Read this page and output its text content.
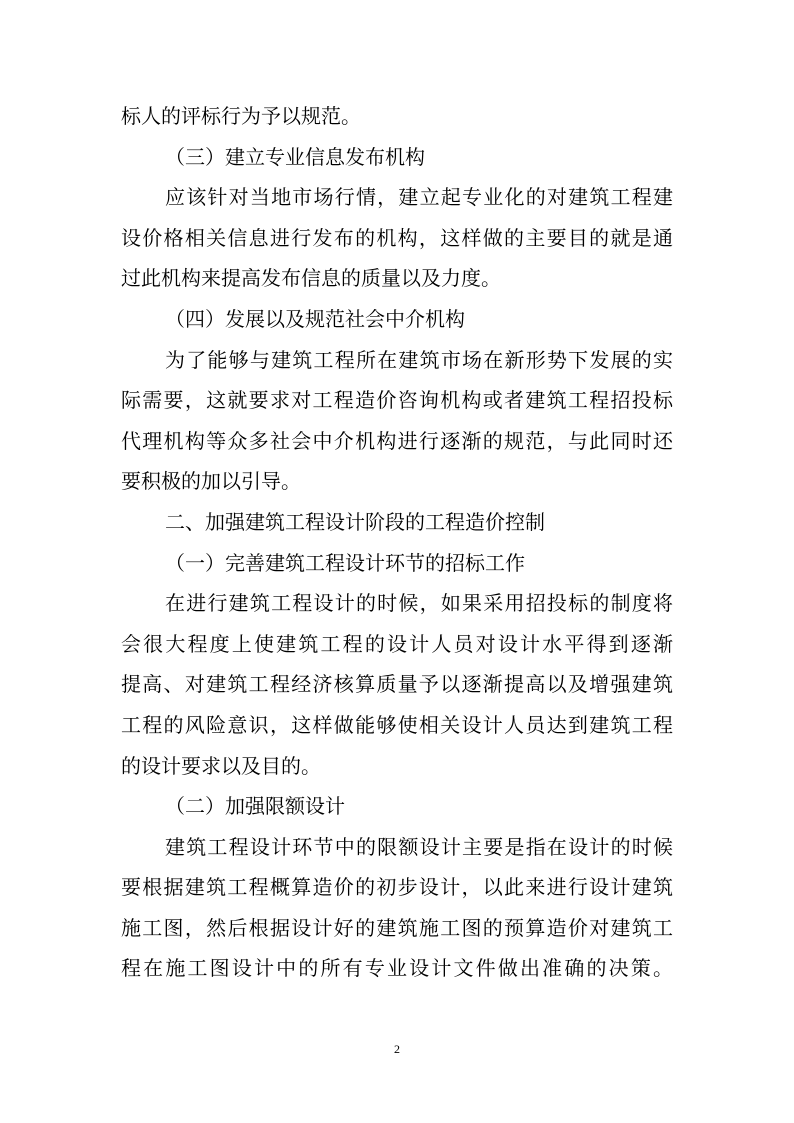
标人的评标行为予以规范。
（三）建立专业信息发布机构
应该针对当地市场行情，建立起专业化的对建筑工程建
设价格相关信息进行发布的机构，这样做的主要目的就是通
过此机构来提高发布信息的质量以及力度。
（四）发展以及规范社会中介机构
为了能够与建筑工程所在建筑市场在新形势下发展的实
际需要，这就要求对工程造价咨询机构或者建筑工程招投标
代理机构等众多社会中介机构进行逐渐的规范，与此同时还
要积极的加以引导。
二、加强建筑工程设计阶段的工程造价控制
（一）完善建筑工程设计环节的招标工作
在进行建筑工程设计的时候，如果采用招投标的制度将
会很大程度上使建筑工程的设计人员对设计水平得到逐渐
提高、对建筑工程经济核算质量予以逐渐提高以及增强建筑
工程的风险意识，这样做能够使相关设计人员达到建筑工程
的设计要求以及目的。
（二）加强限额设计
建筑工程设计环节中的限额设计主要是指在设计的时候
要根据建筑工程概算造价的初步设计，以此来进行设计建筑
施工图，然后根据设计好的建筑施工图的预算造价对建筑工
程在施工图设计中的所有专业设计文件做出准确的决策。
2
